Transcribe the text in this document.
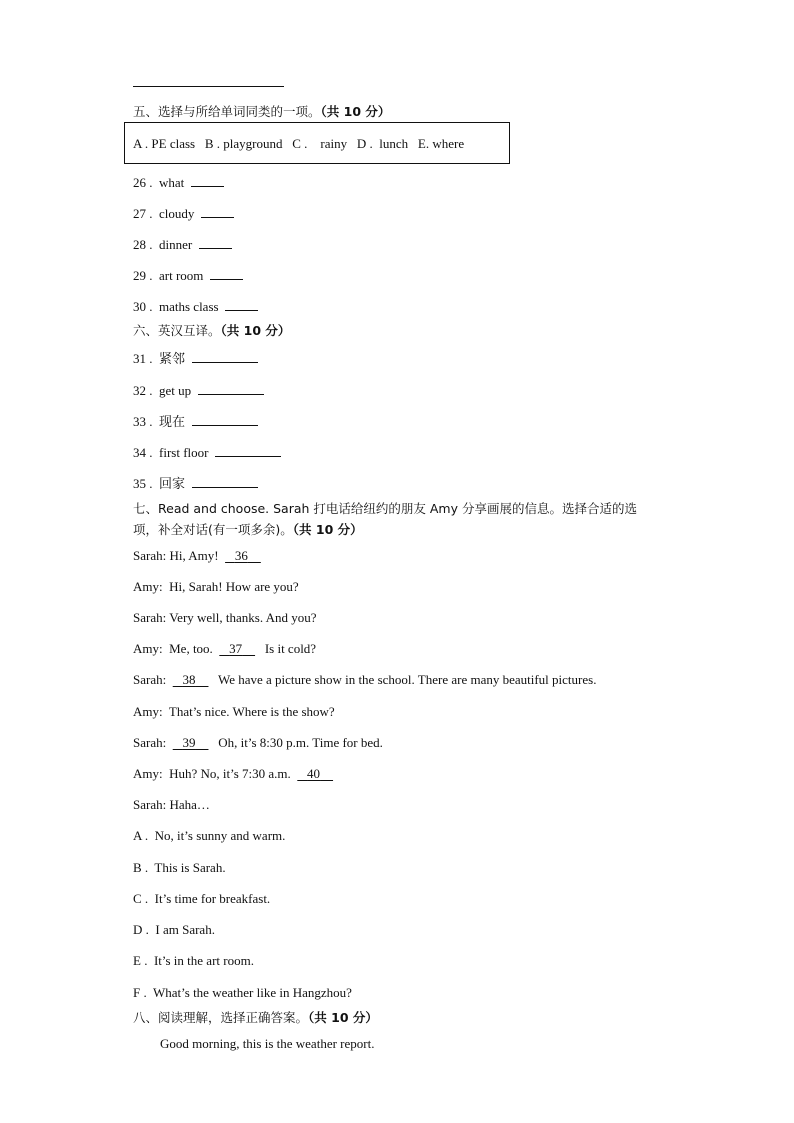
五、选择与所给单词同类的一项。（共 10 分）
A . PE class   B . playground   C .    rainy   D .  lunch   E. where
26 .  what
27 .  cloudy
28 .  dinner
29 .  art room
30 .  maths class
六、英汉互译。（共 10 分）
31 .  紧邻
32 .  get up
33 .  现在
34 .  first floor
35 .  回家
七、Read and choose. Sarah 打电话给纽约的朋友 Amy 分享画展的信息。选择合适的选
项，补全对话(有一项多余)。（共 10 分）
Sarah: Hi, Amy!     36
Amy:  Hi, Sarah! How are you?
Sarah: Very well, thanks. And you?
Amy:  Me, too.     37       Is it cold?
Sarah:     38       We have a picture show in the school. There are many beautiful pictures.
Amy:  That’s nice. Where is the show?
Sarah:     39       Oh, it’s 8:30 p.m. Time for bed.
Amy:  Huh? No, it’s 7:30 a.m.     40
Sarah: Haha…
A .  No, it’s sunny and warm.
B .  This is Sarah.
C .  It’s time for breakfast.
D .  I am Sarah.
E .  It’s in the art room.
F .  What’s the weather like in Hangzhou?
八、阅读理解，选择正确答案。（共 10 分）
Good morning, this is the weather report.
